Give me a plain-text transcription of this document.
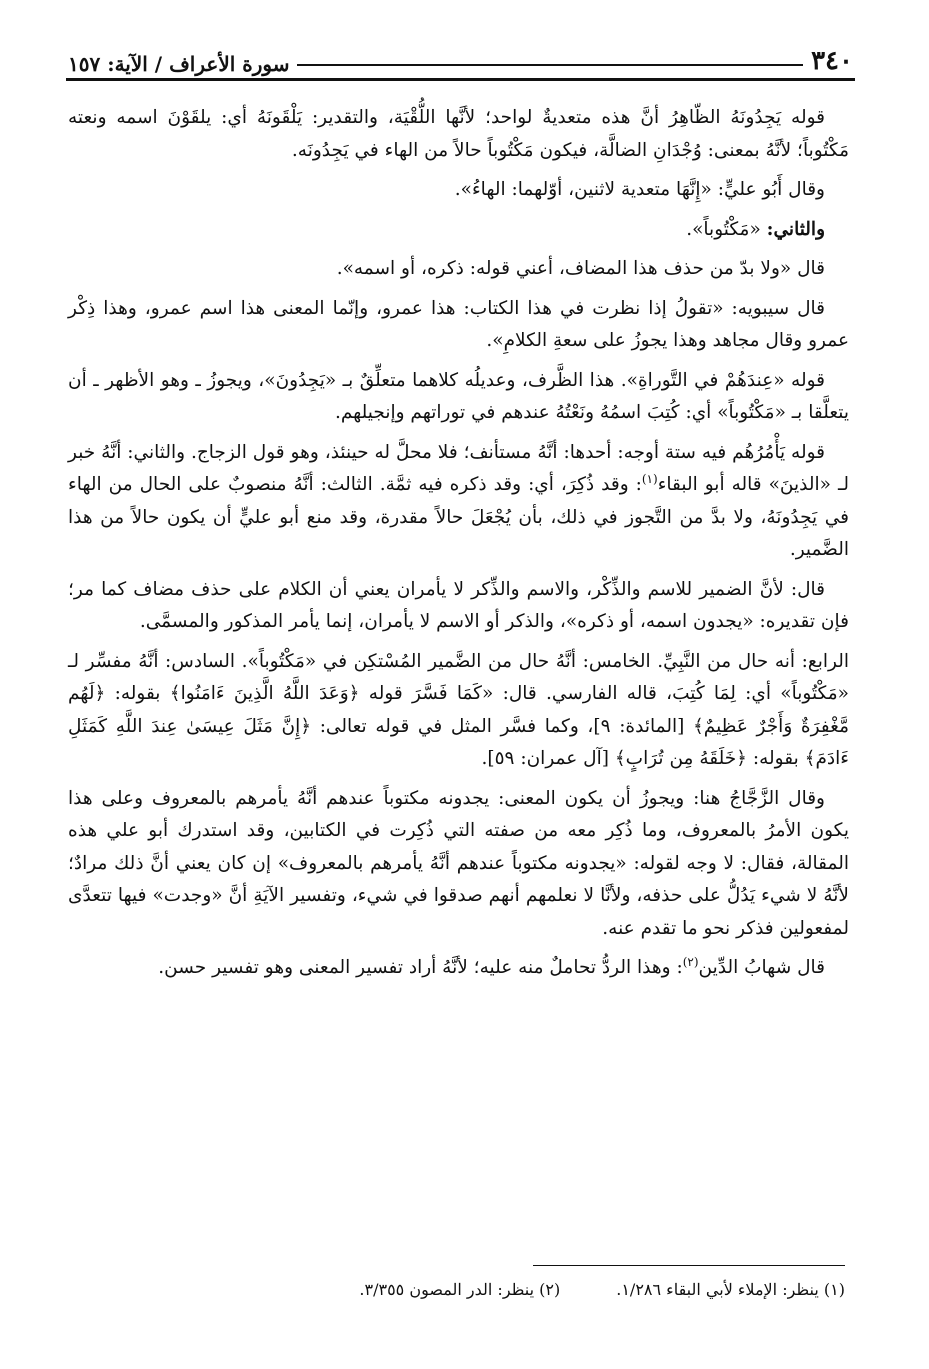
٣٤٠
سورة الأعراف / الآية: ١٥٧

قوله يَجِدُونَهُ الظّاهِرُ أنَّ هذه متعديةٌ لواحد؛ لأنَّها اللُّقْيَة، والتقدير: يَلْقَونَهُ أي: يلقَوْنَ اسمه ونعته مَكْتُوباً؛ لأنَّهُ بمعنى: وُجْدَانِ الضالَّة، فيكون مَكْتُوباً حالاً من الهاء في يَجِدُونَه.

وقال أَبُو عليٍّ: «إِنَّهَا متعدية لاثنين، أوّلهما: الهاءُ».

والثاني: «مَكْتُوباً».

قال «ولا بدّ من حذف هذا المضاف، أعني قوله: ذكره، أو اسمه».

قال سيبويه: «تقولُ إذا نظرت في هذا الكتاب: هذا عمرو، وإنّما المعنى هذا اسم عمرو، وهذا ذِكْر عمرو وقال مجاهد وهذا يجوزُ على سعةِ الكلامِ».

قوله «عِندَهُمْ في التَّوراةِ». هذا الظَّرف، وعديلُه كلاهما متعلِّقٌ بـ «يَجِدُونَ»، ويجوزُ ـ وهو الأظهر ـ أن يتعلَّقا بـ «مَكْتُوباً» أي: كُتِبَ اسمُهُ ونَعْتُهُ عندهم في توراتهم وإنجيلهم.

قوله يَأْمُرُهُم فيه ستة أوجه: أحدها: أنَّهُ مستأنف؛ فلا محلَّ له حينئذ، وهو قول الزجاج. والثاني: أنَّهُ خبر لـ «الذينَ» قاله أبو البقاء$^{(١)}$: وقد ذُكِرَ، أي: وقد ذكره فيه ثمَّة. الثالث: أنَّهُ منصوبٌ على الحال من الهاء في يَجِدُونَهُ، ولا بدَّ من التَّجوز في ذلك، بأن يُجْعَلَ حالاً مقدرة، وقد منع أبو عليٍّ أن يكون حالاً من هذا الضَّمير.

قال: لأنَّ الضمير للاسم والذِّكْر، والاسم والذِّكر لا يأمران يعني أن الكلام على حذف مضاف كما مر؛ فإن تقديره: «يجدون اسمه، أو ذكره»، والذكر أو الاسم لا يأمران، إنما يأمر المذكور والمسمَّى.

الرابع: أنه حال من النَّبِيِّ. الخامس: أنَّهُ حال من الضَّمير المُسْتكِن في «مَكْتُوباً». السادس: أنَّهُ مفسِّر لـ «مَكْتُوباً» أي: لِمَا كُتِبَ، قاله الفارسي. قال: «كَمَا فَسَّرَ قوله ﴿وَعَدَ اللَّهُ الَّذِينَ ءَامَنُوا﴾ بقوله: ﴿لَهُم مَّغْفِرَةٌ وَأَجْرٌ عَظِيمٌ﴾ [المائدة: ٩]، وكما فسَّر المثل في قوله تعالى: ﴿إِنَّ مَثَلَ عِيسَىٰ عِندَ اللَّهِ كَمَثَلِ ءَادَمَ﴾ بقوله: ﴿خَلَقَهُ مِن تُرَابٍ﴾ [آل عمران: ٥٩].

وقال الزَّجَّاجُ هنا: ويجوزُ أن يكون المعنى: يجدونه مكتوباً عندهم أنَّهُ يأمرهم بالمعروف وعلى هذا يكون الأمرُ بالمعروف، وما ذُكِر معه من صفته التي ذُكِرت في الكتابين، وقد استدرك أبو علي هذه المقالة، فقال: لا وجه لقوله: «يجدونه مكتوباً عندهم أنَّهُ يأمرهم بالمعروف» إن كان يعني أنَّ ذلك مرادٌ؛ لأنَّهُ لا شيء يَدُلُّ على حذفه، ولأنَّا لا نعلمهم أنهم صدقوا في شيء، وتفسير الآيَةِ أنَّ «وجدت» فيها تتعدَّى لمفعولين فذكر نحو ما تقدم عنه.

قال شهابُ الدِّين$^{(٢)}$: وهذا الردُّ تحاملٌ منه عليه؛ لأنَّهُ أراد تفسير المعنى وهو تفسير حسن.

(١) ينظر: الإملاء لأبي البقاء ١/٢٨٦.
(٢) ينظر: الدر المصون ٣/٣٥٥.
